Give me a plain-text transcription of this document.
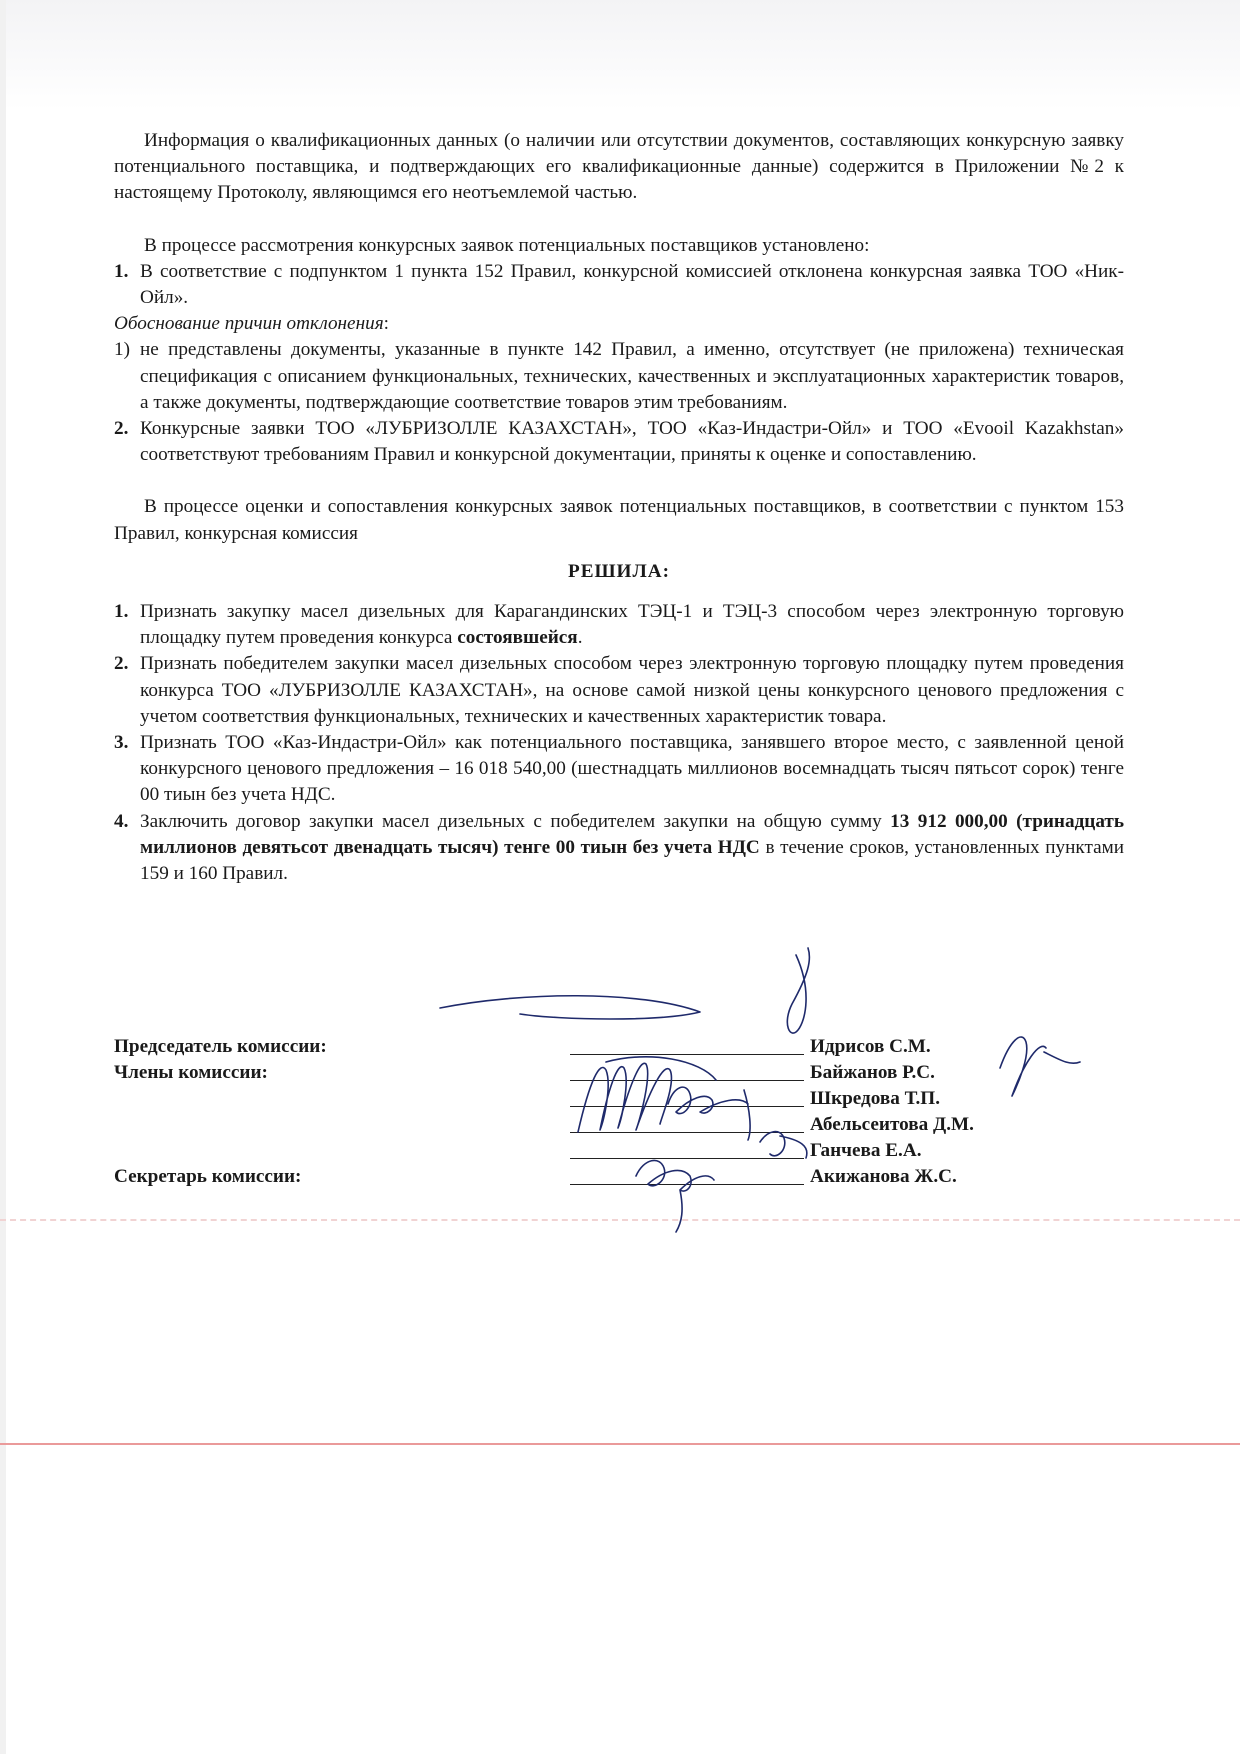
Информация о квалификационных данных (о наличии или отсутствии документов, составляющих конкурсную заявку потенциального поставщика, и подтверждающих его квалификационные данные) содержится в Приложении №2 к настоящему Протоколу, являющимся его неотъемлемой частью.

В процессе рассмотрения конкурсных заявок потенциальных поставщиков установлено:

1. В соответствие с подпунктом 1 пункта 152 Правил, конкурсной комиссией отклонена конкурсная заявка ТОО «Ник-Ойл».

Обоснование причин отклонения:

1) не представлены документы, указанные в пункте 142 Правил, а именно, отсутствует (не приложена) техническая спецификация с описанием функциональных, технических, качественных и эксплуатационных характеристик товаров, а также документы, подтверждающие соответствие товаров этим требованиям.
2. Конкурсные заявки ТОО «ЛУБРИЗОЛЛЕ КАЗАХСТАН», ТОО «Каз-Индастри-Ойл» и ТОО «Evooil Kazakhstan» соответствуют требованиям Правил и конкурсной документации, приняты к оценке и сопоставлению.

В процессе оценки и сопоставления конкурсных заявок потенциальных поставщиков, в соответствии с пунктом 153 Правил, конкурсная комиссия

РЕШИЛА:
1. Признать закупку масел дизельных для Карагандинских ТЭЦ-1 и ТЭЦ-3 способом через электронную торговую площадку путем проведения конкурса состоявшейся.
2. Признать победителем закупки масел дизельных способом через электронную торговую площадку путем проведения конкурса ТОО «ЛУБРИЗОЛЛЕ КАЗАХСТАН», на основе самой низкой цены конкурсного ценового предложения с учетом соответствия функциональных, технических и качественных характеристик товара.
3. Признать ТОО «Каз-Индастри-Ойл» как потенциального поставщика, занявшего второе место, с заявленной ценой конкурсного ценового предложения – 16 018 540,00 (шестнадцать миллионов восемнадцать тысяч пятьсот сорок) тенге 00 тиын без учета НДС.
4. Заключить договор закупки масел дизельных с победителем закупки на общую сумму 13 912 000,00 (тринадцать миллионов девятьсот двенадцать тысяч) тенге 00 тиын без учета НДС в течение сроков, установленных пунктами 159 и 160 Правил.
Председатель комиссии:
Члены комиссии:
Секретарь комиссии:
Идрисов С.М.
Байжанов Р.С.
Шкредова Т.П.
Абельсеитова Д.М.
Ганчева Е.А.
Акижанова Ж.С.
